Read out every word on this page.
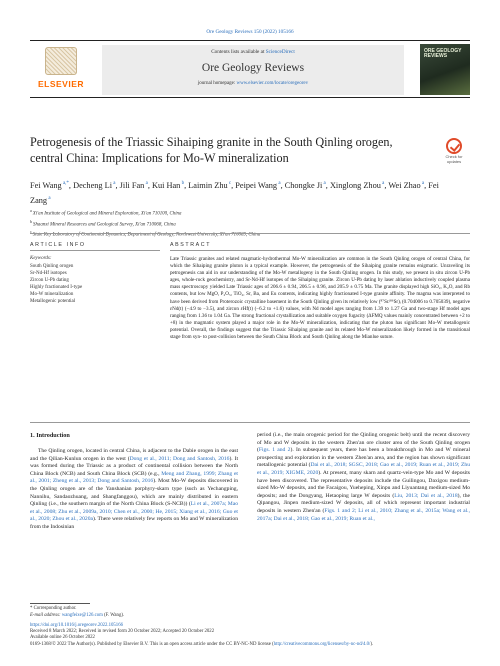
Ore Geology Reviews 150 (2022) 105166
ELSEVIER
Contents lists available at ScienceDirect
Ore Geology Reviews
journal homepage: www.elsevier.com/locate/oregeorev
ORE GEOLOGY REVIEWS
Petrogenesis of the Triassic Sihaiping granite in the South Qinling orogen, central China: Implications for Mo-W mineralization	Check for updates
Fei Wang $^{a,*}$, Decheng Li $^a$, Jili Fan $^a$, Kui Han $^b$, Laimin Zhu $^c$, Peipei Wang $^a$, Chongke Ji $^a$, Xinglong Zhou $^a$, Wei Zhao $^a$, Fei Zang $^a$
$^a$ Xi'an Institute of Geological and Mineral Exploration, Xi'an 710100, China
$^b$ Shaanxi Mineral Resources and Geological Survey, Xi'an 710068, China
$^c$ State Key Laboratory of Continental Dynamics, Department of Geology, Northwest University, Xi'an 710069, China
ARTICLE INFO	ABSTRACT
Keywords:
South Qinling orogen
Sr-Nd-Hf isotopes
Zircon U-Pb dating
Highly fractionated I-type
Mo-W mineralization
Metallogenic potential
Late Triassic granites and related magmatic-hydrothermal Mo-W mineralization are common in the South Qinling orogen of central China, for which the Sihaiping granite pluton is a typical example. However, the petrogenesis of the Sihaiping granite remains enigmatic. Unraveling its petrogenesis can aid in our understanding of the Mo-W metallogeny in the South Qinling orogen. In this study, we present in situ zircon U-Pb ages, whole-rock geochemistry, and Sr-Nd-Hf isotopes of the Sihaiping granite. Zircon U-Pb dating by laser ablation inductively coupled plasma mass spectroscopy yielded Late Triassic ages of 206.6 ± 0.94, 206.5 ± 0.96, and 205.9 ± 0.75 Ma. The granite displayed high SiO₂, K₂O, and Rb contents, but low MgO, P₂O₅, TiO₂, Sr, Ba, and Eu contents, indicating highly fractionated I-type granite affinity. The magma was interpreted to have been derived from Proterozoic crystalline basement in the South Qinling given its relatively low (⁸⁷Sr/⁸⁶Sr)ᵢ (0.704006 to 0.705039), negative εNd(t) (−4.9 to −3.5), and zircon εHf(t) (−6.2 to +1.6) values, with Nd model ages ranging from 1.39 to 1.27 Ga and two-stage Hf model ages ranging from 1.36 to 1.04 Ga. The strong fractional crystallization and suitable oxygen fugacity (ΔFMQ values mainly concentrated between +2 to +8) in the magmatic system played a major role in the Mo-W mineralization, indicating that the pluton has significant Mo-W metallogenic potential. Overall, the findings suggest that the Triassic Sihaiping granite and its related Mo-W mineralization likely formed in the transitional stage from syn- to post-collision between the South China Block and South Qinling along the Mianlue suture.
1. Introduction
The Qinling orogen, located in central China, is adjacent to the Dabie orogen in the east and the Qilian-Kunlun orogen in the west (Dong et al., 2011; Dong and Santosh, 2016). It was formed during the Triassic as a product of continental collision between the North China Block (NCB) and South China Block (SCB) (e.g., Meng and Zhang, 1999; Zhang et al., 2001; Zheng et al., 2013; Dong and Santosh, 2016). Most Mo-W deposits discovered in the Qinling orogen are of the Yanshanian porphyry-skarn type (such as Yechangping, Nannihu, Sandaozhuang, and Shangfanggou), which are mainly distributed in eastern Qinling (i.e., the southern margin of the North China Block (S-NCB)) (Li et al., 2007a; Mao et al., 2008; Zhu et al., 2009a, 2010; Chen et al., 2000; He, 2015; Xiang et al., 2016; Guo et al., 2020; Zhou et al., 2020a). There were relatively few reports on Mo and W mineralization from the Indosinian
period (i.e., the main orogenic period for the Qinling orogenic belt) until the recent discovery of Mo and W deposits in the western Zhen'an ore cluster area of the South Qinling orogen (Figs. 1 and 2). In subsequent years, there has been a breakthrough in Mo and W mineral prospecting and exploration in the western Zhen'an area, and the region has shown significant metallogenic potential (Dai et al., 2018; SGSC, 2018; Gao et al., 2019; Ruan et al., 2019; Zhu et al., 2019; XIGME, 2020). At present, many skarn and quartz-vein-type Mo and W deposits have been discovered. The representative deposits include the Guilingou, Daxigou medium-sized Mo-W deposits, and the Facaigou, Yueheping, Xinpu and Liyuantang medium-sized Mo deposits; and the Dongyang, Hetaoping large W deposits (Liu, 2013; Dai et al., 2018), the Qipangou, Jinpen medium-sized W deposits, all of which represent important industrial deposits in western Zhen'an (Figs. 1 and 2; Li et al., 2010; Zhang et al., 2015a; Wang et al., 2017a; Dai et al., 2018; Gao et al., 2019; Ruan et al.,
* Corresponding author.
E-mail address: wangfeixe@126.com (F. Wang).
https://doi.org/10.1016/j.oregeorev.2022.105166
Received 8 March 2022; Received in revised form 20 October 2022; Accepted 20 October 2022
Available online 26 October 2022
0169-1368/© 2022 The Author(s). Published by Elsevier B.V. This is an open access article under the CC BY-NC-ND license (http://creativecommons.org/licenses/by-nc-nd/4.0/).
